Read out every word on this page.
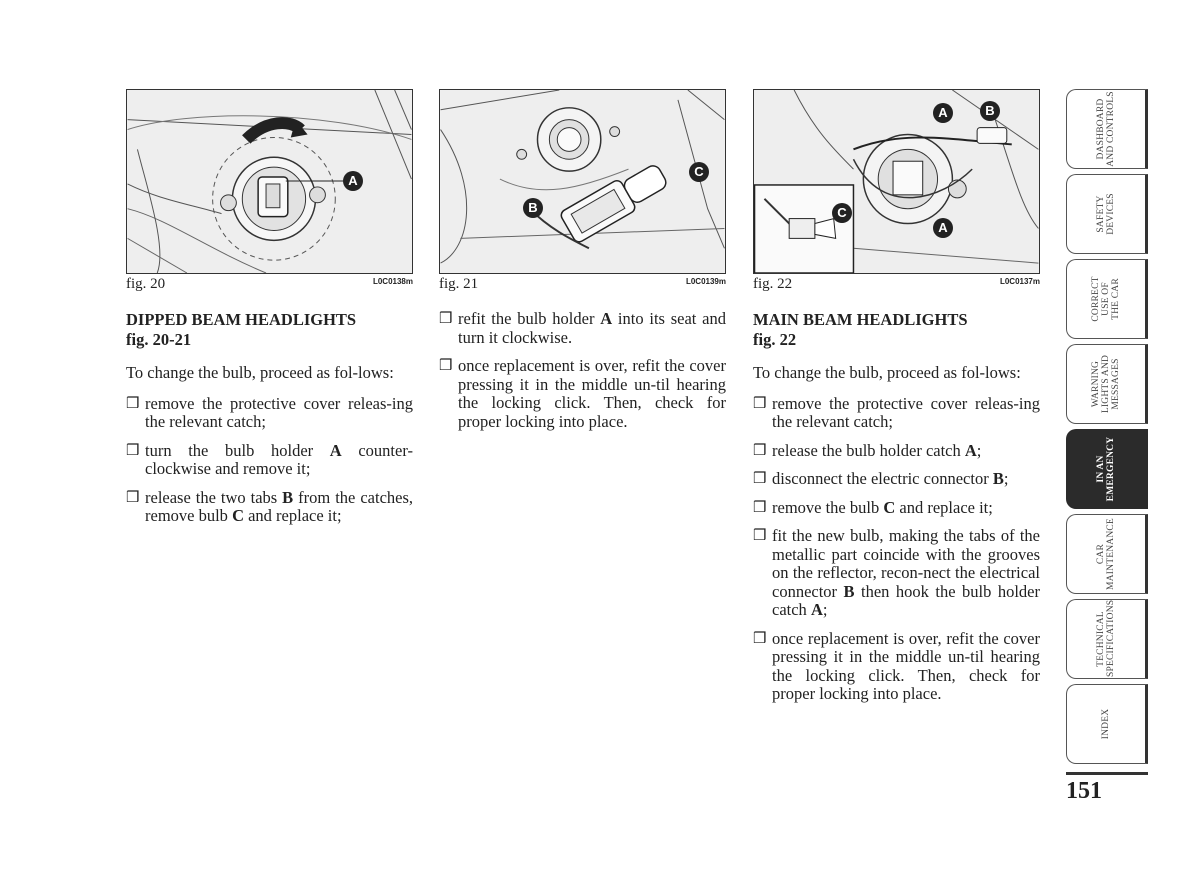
A
fig. 20	L0C0138m
C
B
fig. 21	L0C0139m
A	B
A
C
fig. 22	L0C0137m
DIPPED BEAM HEADLIGHTS
fig. 20-21

To change the bulb, proceed as fol-lows:

❒ remove the protective cover releas-ing the relevant catch;
❒ turn the bulb holder A counter-clockwise and remove it;
❒ release the two tabs B from the catches, remove bulb C and replace it;
❒ refit the bulb holder A into its seat and turn it clockwise.
❒ once replacement is over, refit the cover pressing it in the middle un-til hearing the locking click. Then, check for proper locking into place.
MAIN BEAM HEADLIGHTS
fig. 22

To change the bulb, proceed as fol-lows:

❒ remove the protective cover releas-ing the relevant catch;
❒ release the bulb holder catch A;
❒ disconnect the electric connector B;
❒ remove the bulb C and replace it;
❒ fit the new bulb, making the tabs of the metallic part coincide with the grooves on the reflector, recon-nect the electrical connector B then hook the bulb holder catch A;
❒ once replacement is over, refit the cover pressing it in the middle un-til hearing the locking click. Then, check for proper locking into place.
DASHBOARD
AND CONTROLS
SAFETY
DEVICES
CORRECT
USE OF
THE CAR
WARNING
LIGHTS AND
MESSAGES
IN AN
EMERGENCY
CAR
MAINTENANCE
TECHNICAL
SPECIFICATIONS
INDEX
151
